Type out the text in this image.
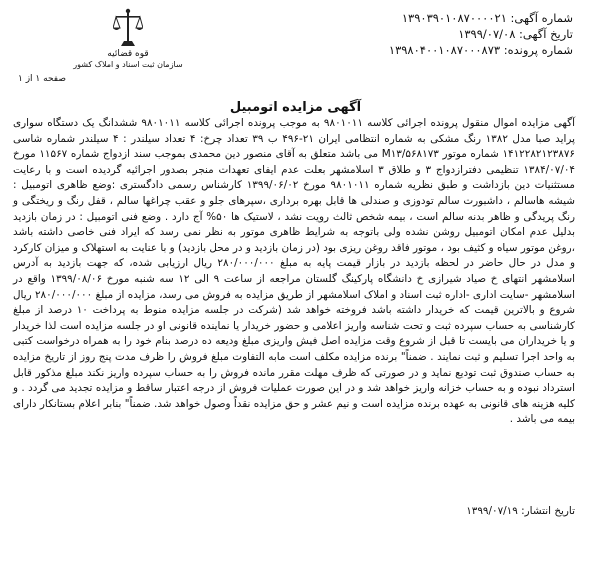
شماره آگهی: ۱۳۹۰۳۹۰۱۰۸۷۰۰۰۰۲۱
تاریخ آگهی: ۱۳۹۹/۰۷/۰۸
شماره پرونده: ۱۳۹۸۰۴۰۰۱۰۸۷۰۰۰۸۷۳
قوه قضائیه
سازمان ثبت اسناد و املاک کشور
صفحه ۱ از ۱
آگهی مزایده اتومبیل

آگهی مزایده اموال منقول پرونده اجرائی کلاسه ۹۸۰۱۰۱۱ به موجب پرونده اجرائی کلاسه ۹۸۰۱۰۱۱ ششدانگ یک دستگاه سواری پراید صبا مدل ۱۳۸۲ رنگ مشکی به شماره انتظامی ایران ۲۱-۴۹۶ ب ۳۹ تعداد چرخ: ۴ تعداد سیلندر : ۴ سیلندر شماره شاسی ۱۴۱۲۲۸۲۱۲۳۸۷۶ شماره موتور M۱۳/۵۶۸۱۷۳ می باشد متعلق به آقای منصور دین محمدی بموجب سند ازدواج شماره ۱۱۵۶۷ مورخ ۱۳۸۴/۰۷/۰۴ تنظیمی دفترازدواج ۳ و طلاق ۳ اسلامشهر بعلت عدم ایفای تعهدات منجر بصدور اجرائیه گردیده است و با رعایت مستثنیات دین بازداشت و طبق نظریه شماره ۹۸۰۱۰۱۱ مورخ ۱۳۹۹/۰۶/۰۲ کارشناس رسمی دادگستری :وضع ظاهری اتومبیل : شیشه هاسالم ، داشبورت سالم تودوزی و صندلی ها قابل بهره برداری ،سپرهای جلو و عقب چراغها سالم ، قفل رنگ و ریختگی و رنگ پریدگی و ظاهر بدنه سالم است ، بیمه شخص ثالث رویت نشد ، لاستیک ها ۵۰% آج دارد . وضع فنی اتومبیل : در زمان بازدید بدلیل عدم امکان اتومبیل روشن نشده ولی باتوجه به شرایط ظاهری موتور به نظر نمی رسد که ایراد فنی خاصی داشته باشد ،روغن موتور سیاه و کثیف بود ، موتور فاقد روغن ریزی بود (در زمان بازدید و در محل بازدید) و با عنایت به استهلاک و میزان کارکرد و مدل در حال حاضر در لحظه بازدید در بازار قیمت پایه به مبلغ ۲۸۰/۰۰۰/۰۰۰ ریال ارزیابی شده، که جهت بازدید به آدرس اسلامشهر انتهای خ صیاد شیرازی خ دانشگاه پارکینگ گلستان مراجعه از ساعت ۹ الی ۱۲ سه شنبه مورخ ۱۳۹۹/۰۸/۰۶ واقع در اسلامشهر -سایت اداری -اداره ثبت اسناد و املاک اسلامشهر از طریق مزایده به فروش می رسد، مزایده از مبلغ ۲۸۰/۰۰۰/۰۰۰ ریال شروع و بالاترین قیمت که خریدار داشته باشد فروخته خواهد شد (شرکت در جلسه مزایده منوط به پرداخت ۱۰ درصد از مبلغ کارشناسی به حساب سپرده ثبت و تحت شناسه واریز اعلامی و حضور خریدار یا نماینده قانونی او در جلسه مزایده است لذا خریدار و یا خریداران می بایست تا قبل از شروع وقت مزایده اصل فیش واریزی مبلغ ودیعه ده درصد بنام خود را به همراه درخواست کتبی به واحد اجرا تسلیم و ثبت نمایند . ضمناً" برنده مزایده مکلف است مابه التفاوت مبلغ فروش را ظرف مدت پنج روز از تاریخ مزایده به حساب صندوق ثبت تودیع نماید و در صورتی که ظرف مهلت مقرر مانده فروش را به حساب سپرده واریز نکند مبلغ مذکور قابل استرداد نبوده و به حساب خزانه واریز خواهد شد و در این صورت عملیات فروش از درجه اعتبار ساقط و مزایده تجدید می گردد . و کلیه هزینه های قانونی به عهده برنده مزایده است و نیم عشر و حق مزایده نقداً وصول خواهد شد. ضمناً" بنابر اعلام بستانکار دارای بیمه می باشد .

تاریخ انتشار: ۱۳۹۹/۰۷/۱۹
